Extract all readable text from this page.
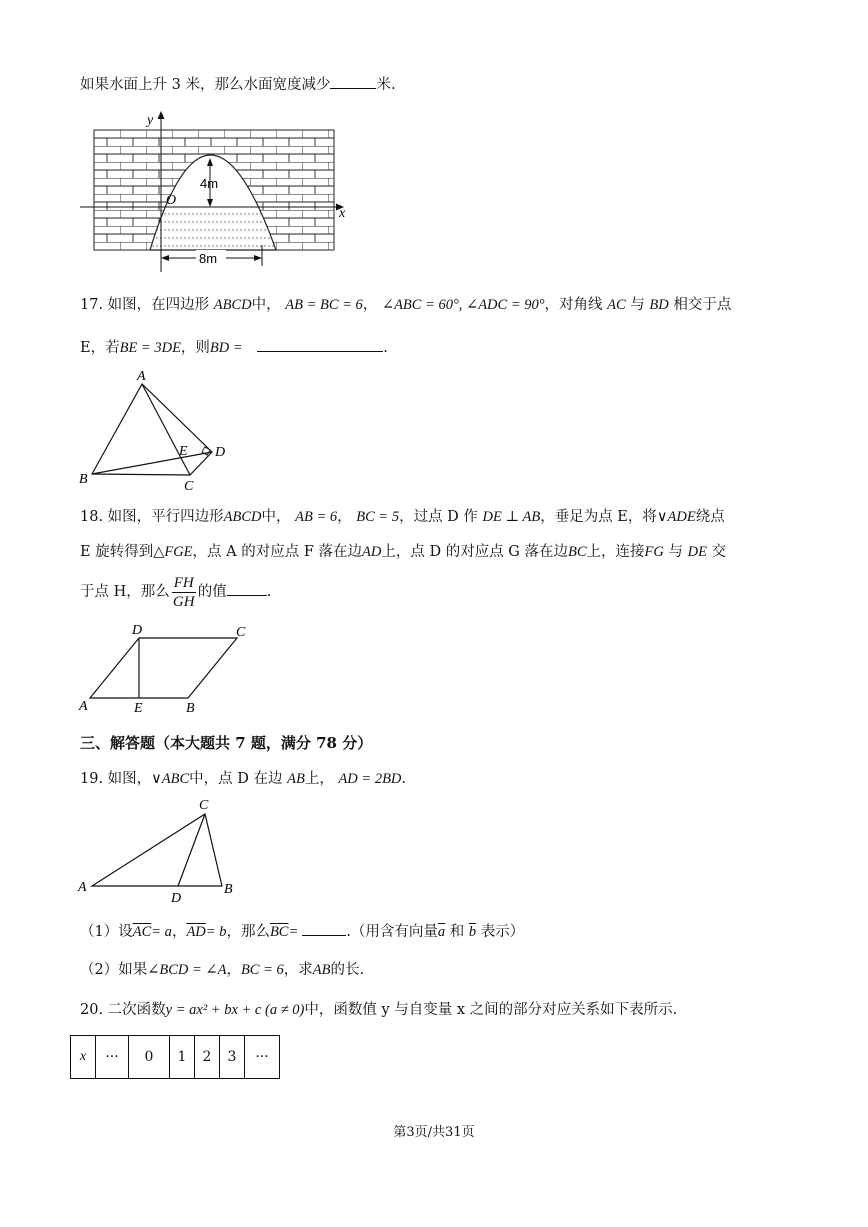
如果水面上升 3 米，那么水面宽度减少	米.
y
x
O
4m
8m
17. 如图，在四边形 ABCD中， AB = BC = 6， ∠ABC = 60°, ∠ADC = 90°，对角线 AC 与 BD 相交于点
E，若BE = 3DE，则BD =	.
A
B	C
D
E
18. 如图，平行四边形ABCD中， AB = 6， BC = 5，过点 D 作 DE ⊥ AB，垂足为点 E，将∨ADE绕点
E 旋转得到△FGE，点 A 的对应点 F 落在边AD上，点 D 的对应点 G 落在边BC上，连接FG 与 DE 交
于点 H，那么 $\frac{FH}{GH}$ 的值	.
D	C
A	E	B
三、解答题（本大题共 7 题，满分 78 分）
19. 如图，∨ABC中，点 D 在边 AB上， AD = 2BD.
C
A
D
B
（1）设$\overline{AC}= a$，$\overline{AD}= b$，那么$\overline{BC}=$	.（用含有向量$\overline{a}$ 和 $\overline{b}$ 表示）
（2）如果∠BCD = ∠A，BC = 6，求AB的长.
20. 二次函数y = ax² + bx + c (a ≠ 0)中，函数值 y 与自变量 x 之间的部分对应关系如下表所示.
x	···	0	1	2	3	···
第3页/共31页
